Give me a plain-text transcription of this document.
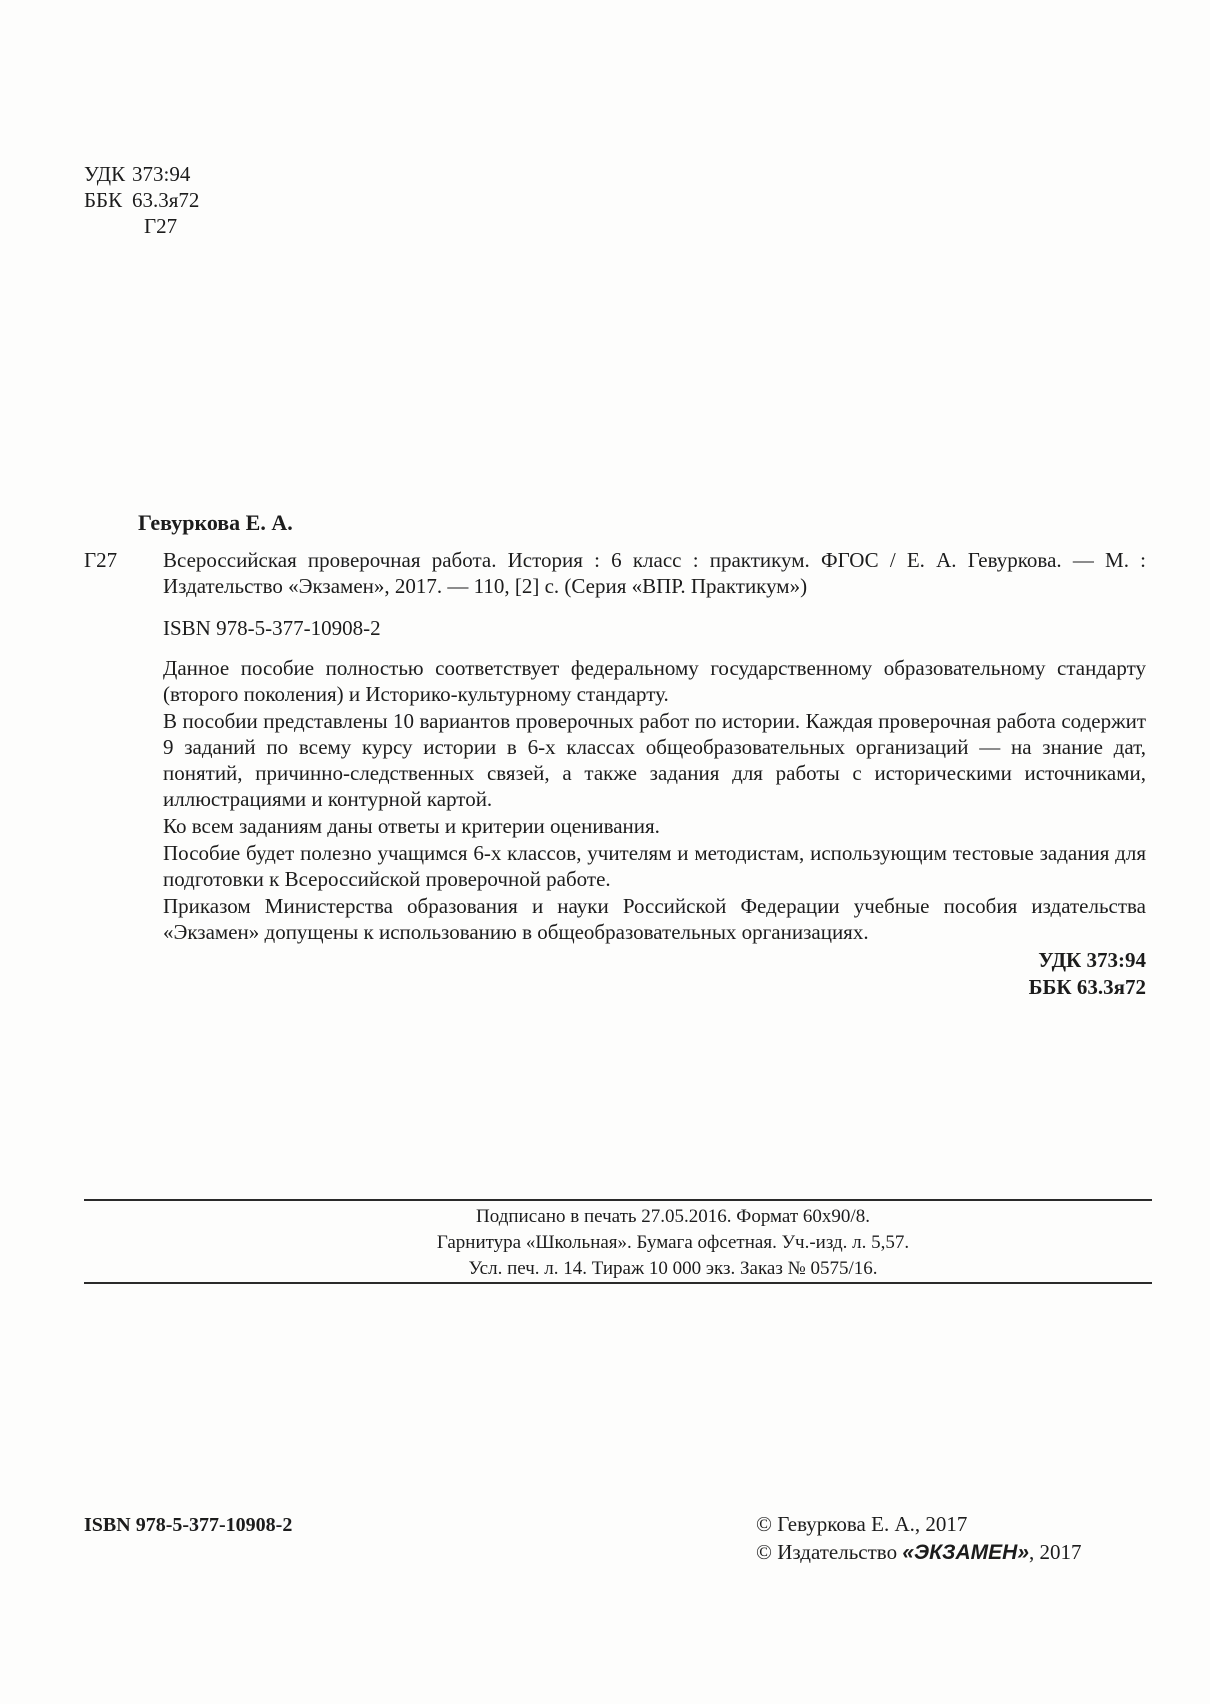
УДК 373:94
ББК 63.3я72
Г27
Гевуркова Е. А.
Г27 Всероссийская проверочная работа. История : 6 класс : практикум. ФГОС / Е. А. Гевуркова. — М. : Издательство «Экзамен», 2017. — 110, [2] с. (Серия «ВПР. Практикум»)
ISBN 978-5-377-10908-2

Данное пособие полностью соответствует федеральному государственному образовательному стандарту (второго поколения) и Историко-культурному стандарту.

В пособии представлены 10 вариантов проверочных работ по истории. Каждая проверочная работа содержит 9 заданий по всему курсу истории в 6-х классах общеобразовательных организаций — на знание дат, понятий, причинно-следственных связей, а также задания для работы с историческими источниками, иллюстрациями и контурной картой.

Ко всем заданиям даны ответы и критерии оценивания.

Пособие будет полезно учащимся 6-х классов, учителям и методистам, использующим тестовые задания для подготовки к Всероссийской проверочной работе.

Приказом Министерства образования и науки Российской Федерации учебные пособия издательства «Экзамен» допущены к использованию в общеобразовательных организациях.

УДК 373:94
ББК 63.3я72
Подписано в печать 27.05.2016. Формат 60x90/8.
Гарнитура «Школьная». Бумага офсетная. Уч.-изд. л. 5,57.
Усл. печ. л. 14. Тираж 10 000 экз. Заказ № 0575/16.
ISBN 978-5-377-10908-2	© Гевуркова Е. А., 2017
© Издательство «ЭКЗАМЕН», 2017
